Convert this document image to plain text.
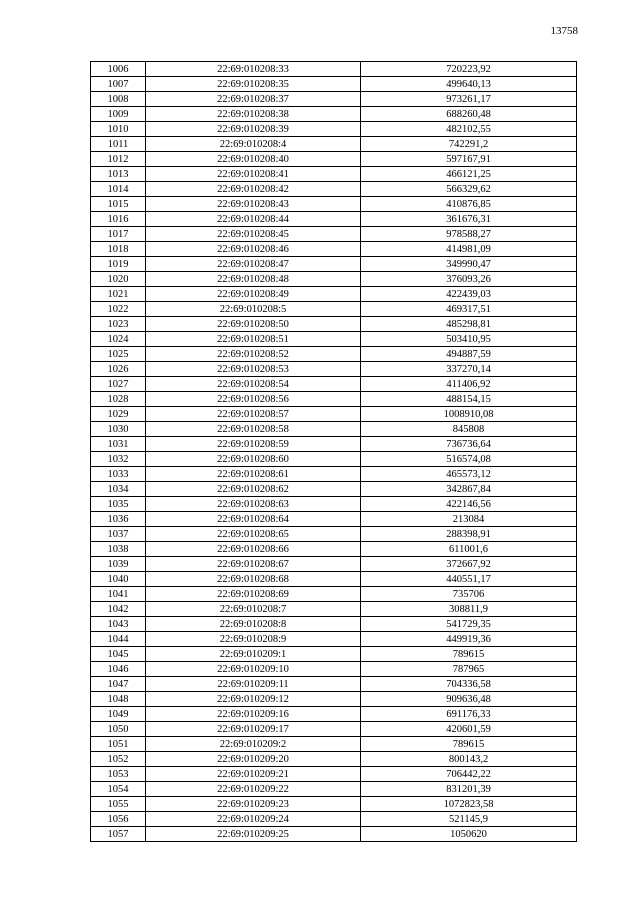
13758
1006	22:69:010208:33	720223,92
1007	22:69:010208:35	499640,13
1008	22:69:010208:37	973261,17
1009	22:69:010208:38	688260,48
1010	22:69:010208:39	482102,55
1011	22:69:010208:4	742291,2
1012	22:69:010208:40	597167,91
1013	22:69:010208:41	466121,25
1014	22:69:010208:42	566329,62
1015	22:69:010208:43	410876,85
1016	22:69:010208:44	361676,31
1017	22:69:010208:45	978588,27
1018	22:69:010208:46	414981,09
1019	22:69:010208:47	349990,47
1020	22:69:010208:48	376093,26
1021	22:69:010208:49	422439,03
1022	22:69:010208:5	469317,51
1023	22:69:010208:50	485298,81
1024	22:69:010208:51	503410,95
1025	22:69:010208:52	494887,59
1026	22:69:010208:53	337270,14
1027	22:69:010208:54	411406,92
1028	22:69:010208:56	488154,15
1029	22:69:010208:57	1008910,08
1030	22:69:010208:58	845808
1031	22:69:010208:59	736736,64
1032	22:69:010208:60	516574,08
1033	22:69:010208:61	465573,12
1034	22:69:010208:62	342867,84
1035	22:69:010208:63	422146,56
1036	22:69:010208:64	213084
1037	22:69:010208:65	288398,91
1038	22:69:010208:66	611001,6
1039	22:69:010208:67	372667,92
1040	22:69:010208:68	440551,17
1041	22:69:010208:69	735706
1042	22:69:010208:7	308811,9
1043	22:69:010208:8	541729,35
1044	22:69:010208:9	449919,36
1045	22:69:010209:1	789615
1046	22:69:010209:10	787965
1047	22:69:010209:11	704336,58
1048	22:69:010209:12	909636,48
1049	22:69:010209:16	691176,33
1050	22:69:010209:17	420601,59
1051	22:69:010209:2	789615
1052	22:69:010209:20	800143,2
1053	22:69:010209:21	706442,22
1054	22:69:010209:22	831201,39
1055	22:69:010209:23	1072823,58
1056	22:69:010209:24	521145,9
1057	22:69:010209:25	1050620
